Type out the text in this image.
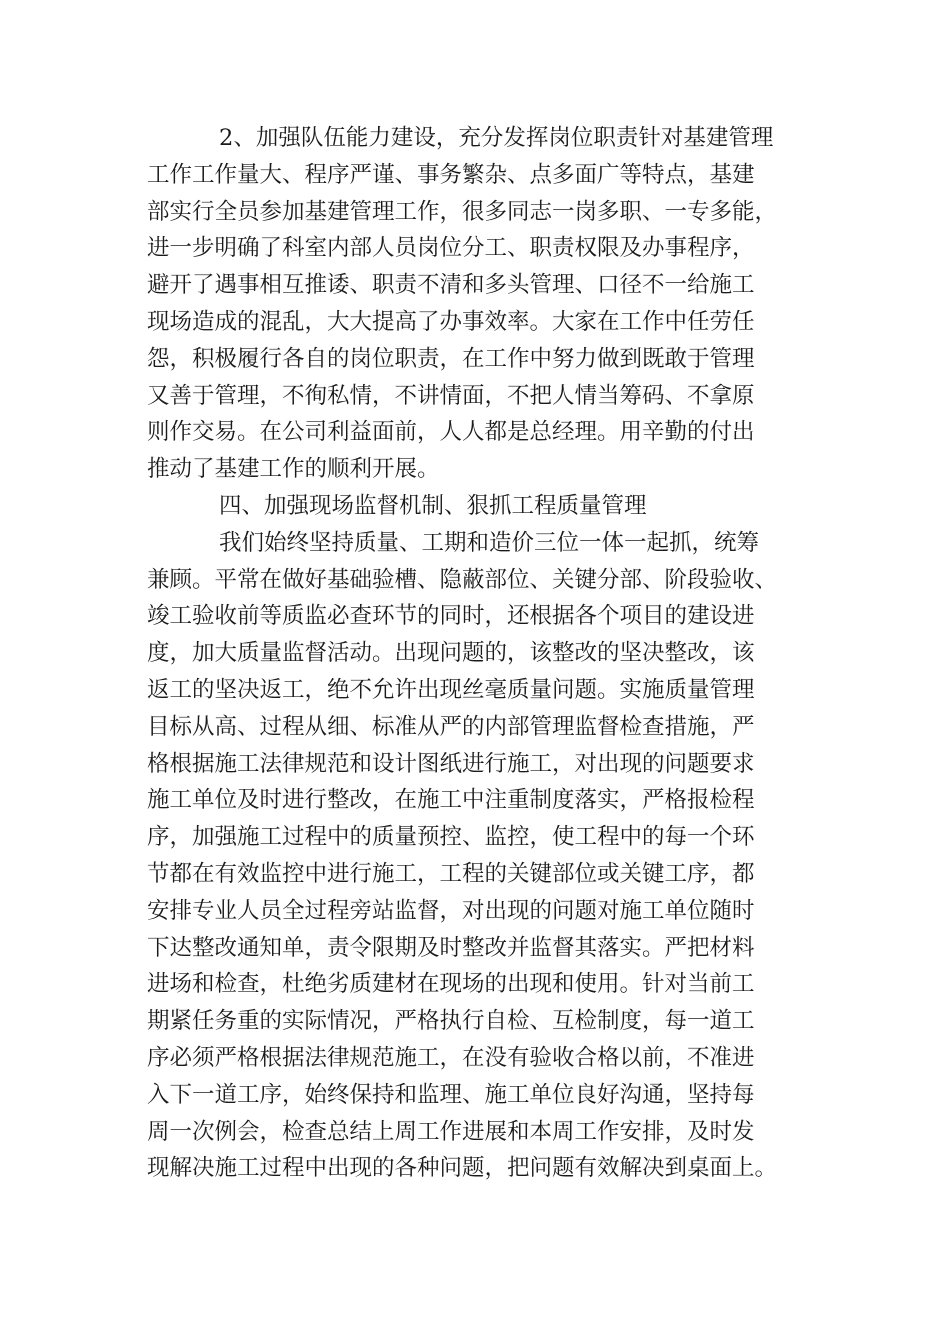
2、加强队伍能力建设，充分发挥岗位职责针对基建管理
工作工作量大、程序严谨、事务繁杂、点多面广等特点，基建
部实行全员参加基建管理工作，很多同志一岗多职、一专多能，
进一步明确了科室内部人员岗位分工、职责权限及办事程序，
避开了遇事相互推诿、职责不清和多头管理、口径不一给施工
现场造成的混乱，大大提高了办事效率。大家在工作中任劳任
怨，积极履行各自的岗位职责，在工作中努力做到既敢于管理
又善于管理，不徇私情，不讲情面，不把人情当筹码、不拿原
则作交易。在公司利益面前，人人都是总经理。用辛勤的付出
推动了基建工作的顺利开展。
四、加强现场监督机制、狠抓工程质量管理
我们始终坚持质量、工期和造价三位一体一起抓，统筹
兼顾。平常在做好基础验槽、隐蔽部位、关键分部、阶段验收、
竣工验收前等质监必查环节的同时，还根据各个项目的建设进
度，加大质量监督活动。出现问题的，该整改的坚决整改，该
返工的坚决返工，绝不允许出现丝毫质量问题。实施质量管理
目标从高、过程从细、标准从严的内部管理监督检查措施，严
格根据施工法律规范和设计图纸进行施工，对出现的问题要求
施工单位及时进行整改，在施工中注重制度落实，严格报检程
序，加强施工过程中的质量预控、监控，使工程中的每一个环
节都在有效监控中进行施工，工程的关键部位或关键工序，都
安排专业人员全过程旁站监督，对出现的问题对施工单位随时
下达整改通知单，责令限期及时整改并监督其落实。严把材料
进场和检查，杜绝劣质建材在现场的出现和使用。针对当前工
期紧任务重的实际情况，严格执行自检、互检制度，每一道工
序必须严格根据法律规范施工，在没有验收合格以前，不准进
入下一道工序，始终保持和监理、施工单位良好沟通，坚持每
周一次例会，检查总结上周工作进展和本周工作安排，及时发
现解决施工过程中出现的各种问题，把问题有效解决到桌面上。
